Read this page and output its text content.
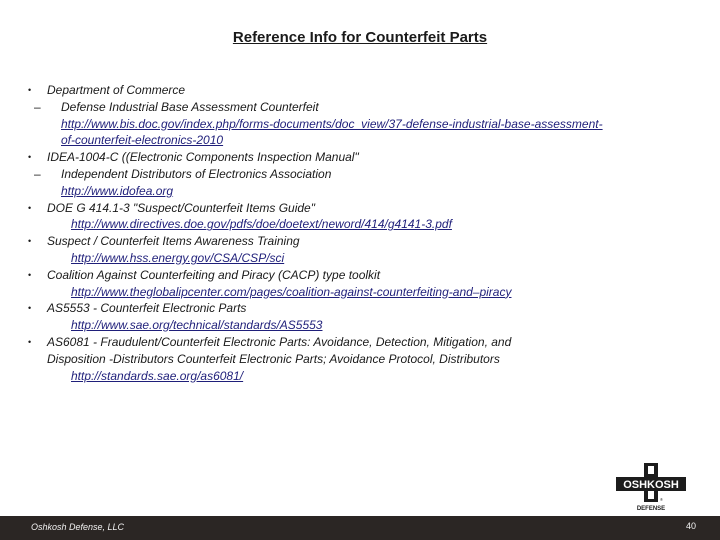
Reference Info for Counterfeit Parts
• Department of Commerce
– Defense Industrial Base Assessment Counterfeit
http://www.bis.doc.gov/index.php/forms-documents/doc_view/37-defense-industrial-base-assessment-
of-counterfeit-electronics-2010
• IDEA-1004-C ((Electronic Components Inspection Manual"
– Independent Distributors of Electronics Association
http://www.idofea.org
• DOE G 414.1-3 "Suspect/Counterfeit Items Guide"
http://www.directives.doe.gov/pdfs/doe/doetext/neword/414/g4141-3.pdf
• Suspect / Counterfeit Items Awareness Training
http://www.hss.energy.gov/CSA/CSP/sci
• Coalition Against Counterfeiting and Piracy (CACP) type toolkit
http://www.theglobalipcenter.com/pages/coalition-against-counterfeiting-and–piracy
• AS5553 - Counterfeit Electronic Parts
http://www.sae.org/technical/standards/AS5553
• AS6081 - Fraudulent/Counterfeit Electronic Parts: Avoidance, Detection, Mitigation, and
Disposition -Distributors Counterfeit Electronic Parts; Avoidance Protocol, Distributors
http://standards.sae.org/as6081/
OSHKOSH
®
DEFENSE
Oshkosh Defense, LLC	40
